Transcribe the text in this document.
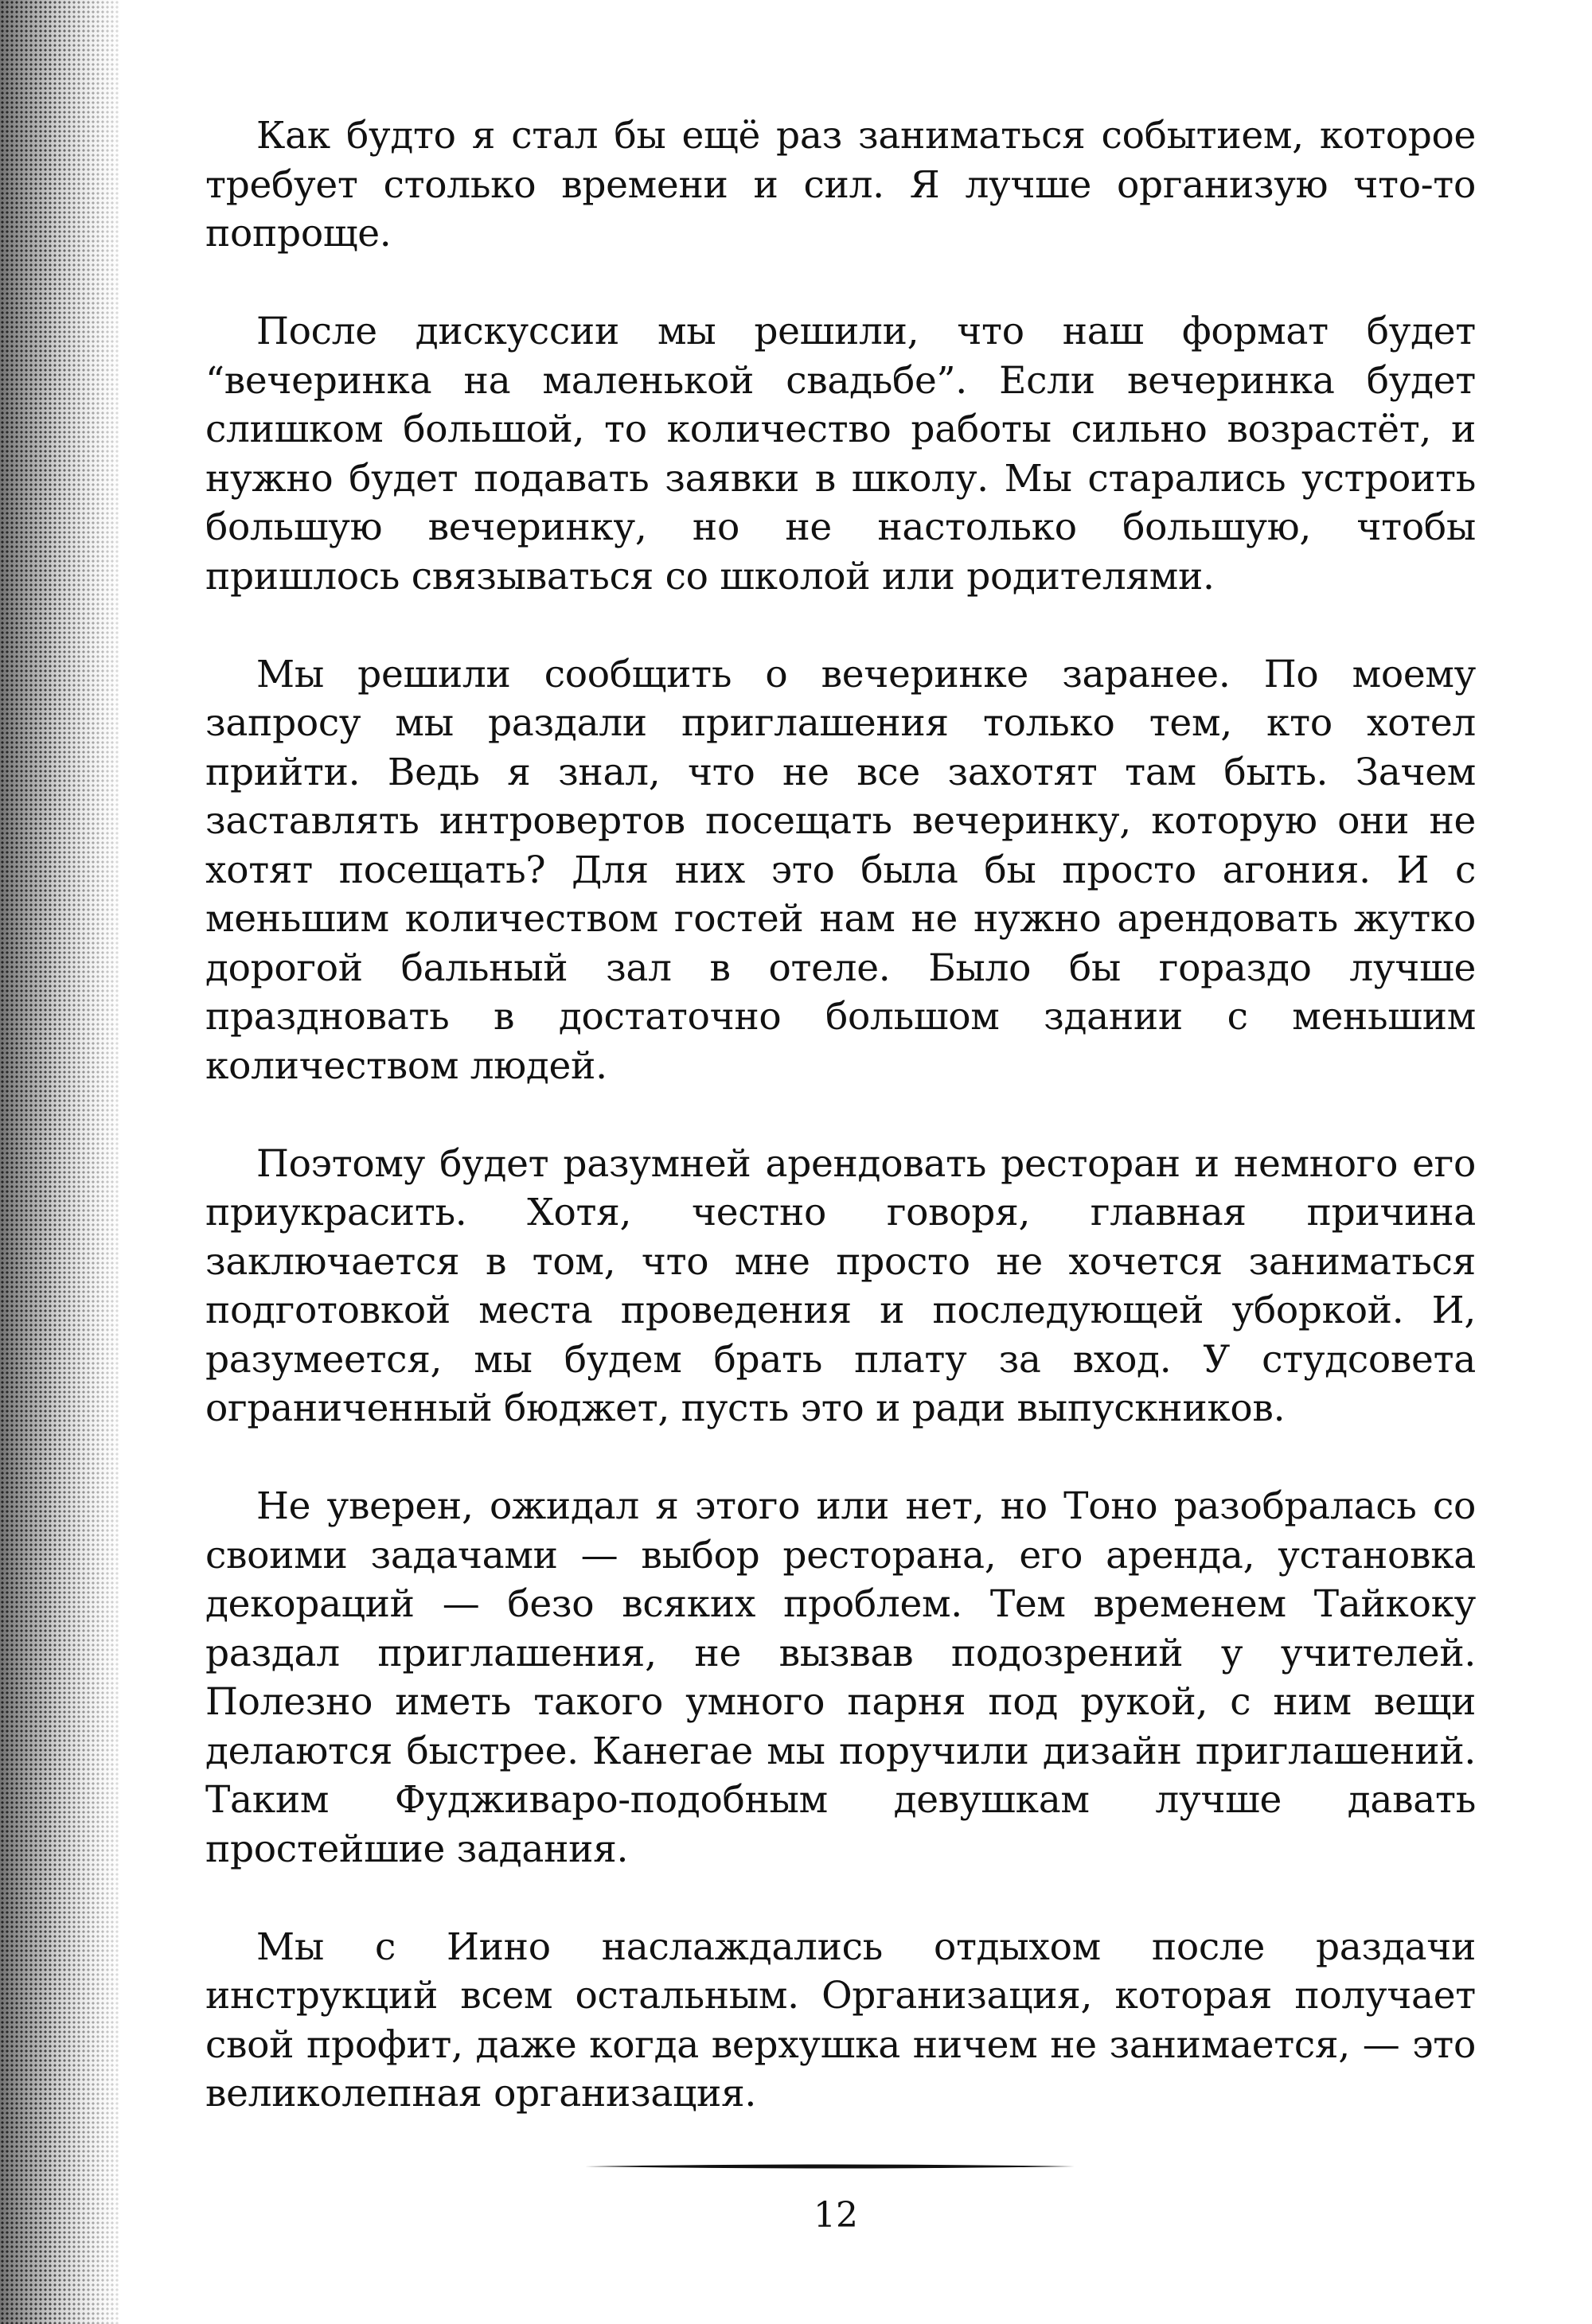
Как будто я стал бы ещё раз заниматься событием, которое требует столько времени и сил. Я лучше организую что-то попроще.

После дискуссии мы решили, что наш формат будет “вечеринка на маленькой свадьбе”. Если вечеринка будет слишком большой, то количество работы сильно возрастёт, и нужно будет подавать заявки в школу. Мы старались устроить большую вечеринку, но не настолько большую, чтобы пришлось связываться со школой или родителями.

Мы решили сообщить о вечеринке заранее. По моему запросу мы раздали приглашения только тем, кто хотел прийти. Ведь я знал, что не все захотят там быть. Зачем заставлять интровертов посещать вечеринку, которую они не хотят посещать? Для них это была бы просто агония. И с меньшим количеством гостей нам не нужно арендовать жутко дорогой бальный зал в отеле. Было бы гораздо лучше праздновать в достаточно большом здании с меньшим количеством людей.

Поэтому будет разумней арендовать ресторан и немного его приукрасить. Хотя, честно говоря, главная причина заключается в том, что мне просто не хочется заниматься подготовкой места проведения и последующей уборкой. И, разумеется, мы будем брать плату за вход. У студсовета ограниченный бюджет, пусть это и ради выпускников.

Не уверен, ожидал я этого или нет, но Тоно разобралась со своими задачами — выбор ресторана, его аренда, установка декораций — безо всяких проблем. Тем временем Тайкоку раздал приглашения, не вызвав подозрений у учителей. Полезно иметь такого умного парня под рукой, с ним вещи делаются быстрее. Канегае мы поручили дизайн приглашений. Таким Фудживаро-подобным девушкам лучше давать простейшие задания.

Мы с Иино наслаждались отдыхом после раздачи инструкций всем остальным. Организация, которая получает свой профит, даже когда верхушка ничем не занимается, — это великолепная организация.

12
